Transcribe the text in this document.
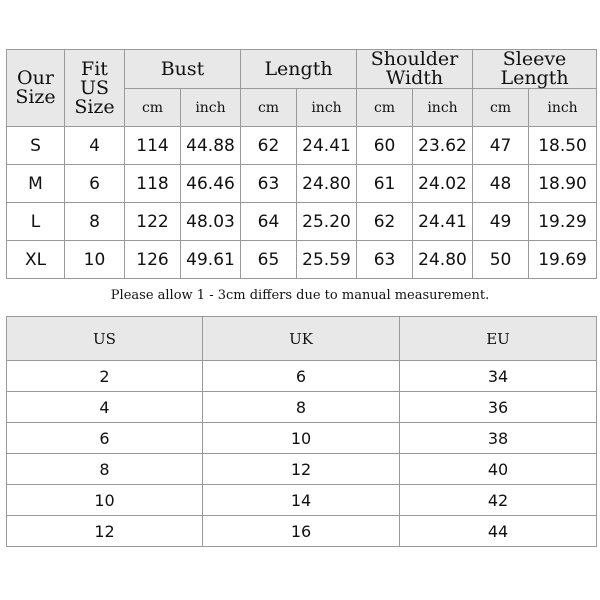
Our Size	Fit US Size	Bust		Length		Shoulder Width		Sleeve Length	
		cm	inch	cm	inch	cm	inch	cm	inch
S	4	114	44.88	62	24.41	60	23.62	47	18.50
M	6	118	46.46	63	24.80	61	24.02	48	18.90
L	8	122	48.03	64	25.20	62	24.41	49	19.29
XL	10	126	49.61	65	25.59	63	24.80	50	19.69
Please allow 1 - 3cm differs due to manual measurement.
US	UK	EU
2	6	34
4	8	36
6	10	38
8	12	40
10	14	42
12	16	44
